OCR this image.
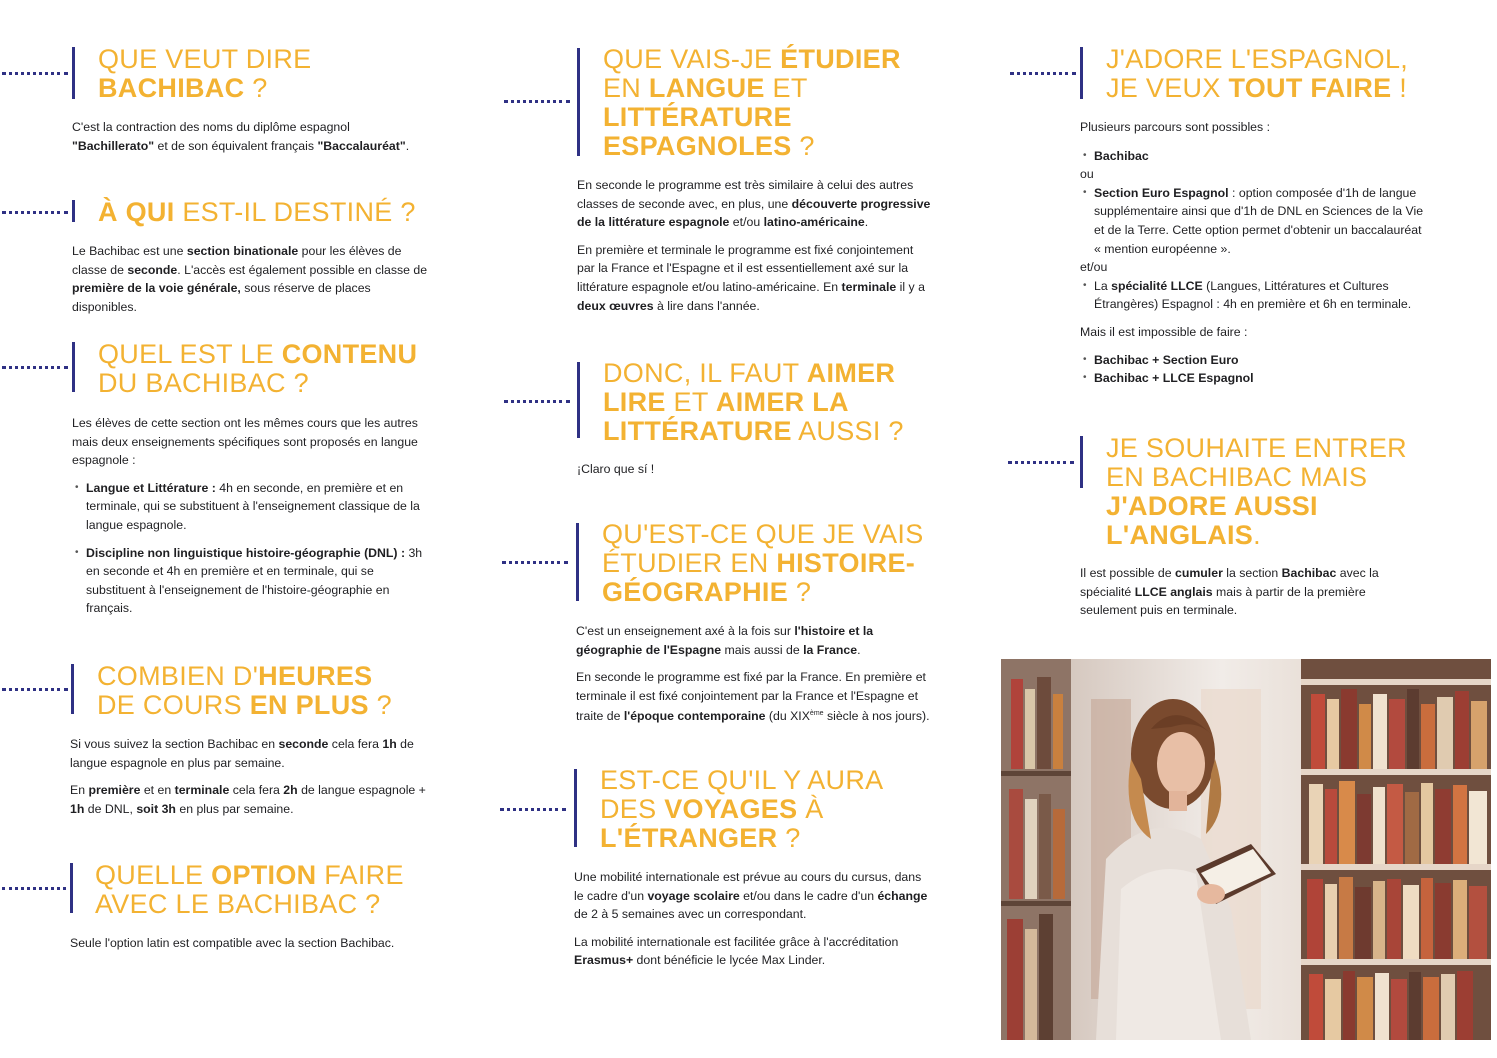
QUE VEUT DIRE BACHIBAC ?

C'est la contraction des noms du diplôme espagnol "Bachillerato" et de son équivalent français "Baccalauréat".

À QUI EST-IL DESTINÉ ?

Le Bachibac est une section binationale pour les élèves de classe de seconde. L'accès est également possible en classe de première de la voie générale, sous réserve de places disponibles.

QUEL EST LE CONTENU DU BACHIBAC ?

Les élèves de cette section ont les mêmes cours que les autres mais deux enseignements spécifiques sont proposés en langue espagnole :

• Langue et Littérature : 4h en seconde, en première et en terminale, qui se substituent à l'enseignement classique de la langue espagnole.
• Discipline non linguistique histoire-géographie (DNL) : 3h en seconde et 4h en première et en terminale, qui se substituent à l'enseignement de l'histoire-géographie en français.
COMBIEN D'HEURES DE COURS EN PLUS ?

Si vous suivez la section Bachibac en seconde cela fera 1h de langue espagnole en plus par semaine.

En première et en terminale cela fera 2h de langue espagnole + 1h de DNL, soit 3h en plus par semaine.

QUELLE OPTION FAIRE AVEC LE BACHIBAC ?

Seule l'option latin est compatible avec la section Bachibac.

QUE VAIS-JE ÉTUDIER EN LANGUE ET LITTÉRATURE ESPAGNOLES ?

En seconde le programme est très similaire à celui des autres classes de seconde avec, en plus, une découverte progressive de la littérature espagnole et/ou latino-américaine.

En première et terminale le programme est fixé conjointement par la France et l'Espagne et il est essentiellement axé sur la littérature espagnole et/ou latino-américaine. En terminale il y a deux œuvres à lire dans l'année.

DONC, IL FAUT AIMER LIRE ET AIMER LA LITTÉRATURE AUSSI ?

¡Claro que sí !

QU'EST-CE QUE JE VAIS ÉTUDIER EN HISTOIRE-GÉOGRAPHIE ?

C'est un enseignement axé à la fois sur l'histoire et la géographie de l'Espagne mais aussi de la France.

En seconde le programme est fixé par la France. En première et terminale il est fixé conjointement par la France et l'Espagne et traite de l'époque contemporaine (du XIXème siècle à nos jours).

EST-CE QU'IL Y AURA DES VOYAGES À L'ÉTRANGER ?

Une mobilité internationale est prévue au cours du cursus, dans le cadre d'un voyage scolaire et/ou dans le cadre d'un échange de 2 à 5 semaines avec un correspondant.

La mobilité internationale est facilitée grâce à l'accréditation Erasmus+ dont bénéficie le lycée Max Linder.

J'ADORE L'ESPAGNOL, JE VEUX TOUT FAIRE !

Plusieurs parcours sont possibles :

• Bachibac

ou

• Section Euro Espagnol : option composée d'1h de langue supplémentaire ainsi que d'1h de DNL en Sciences de la Vie et de la Terre. Cette option permet d'obtenir un baccalauréat « mention européenne ».

et/ou

• La spécialité LLCE (Langues, Littératures et Cultures Étrangères) Espagnol : 4h en première et 6h en terminale.

Mais il est impossible de faire :

• Bachibac + Section Euro
• Bachibac + LLCE Espagnol
JE SOUHAITE ENTRER EN BACHIBAC MAIS J'ADORE AUSSI L'ANGLAIS.

Il est possible de cumuler la section Bachibac avec la spécialité LLCE anglais mais à partir de la première seulement puis en terminale.
